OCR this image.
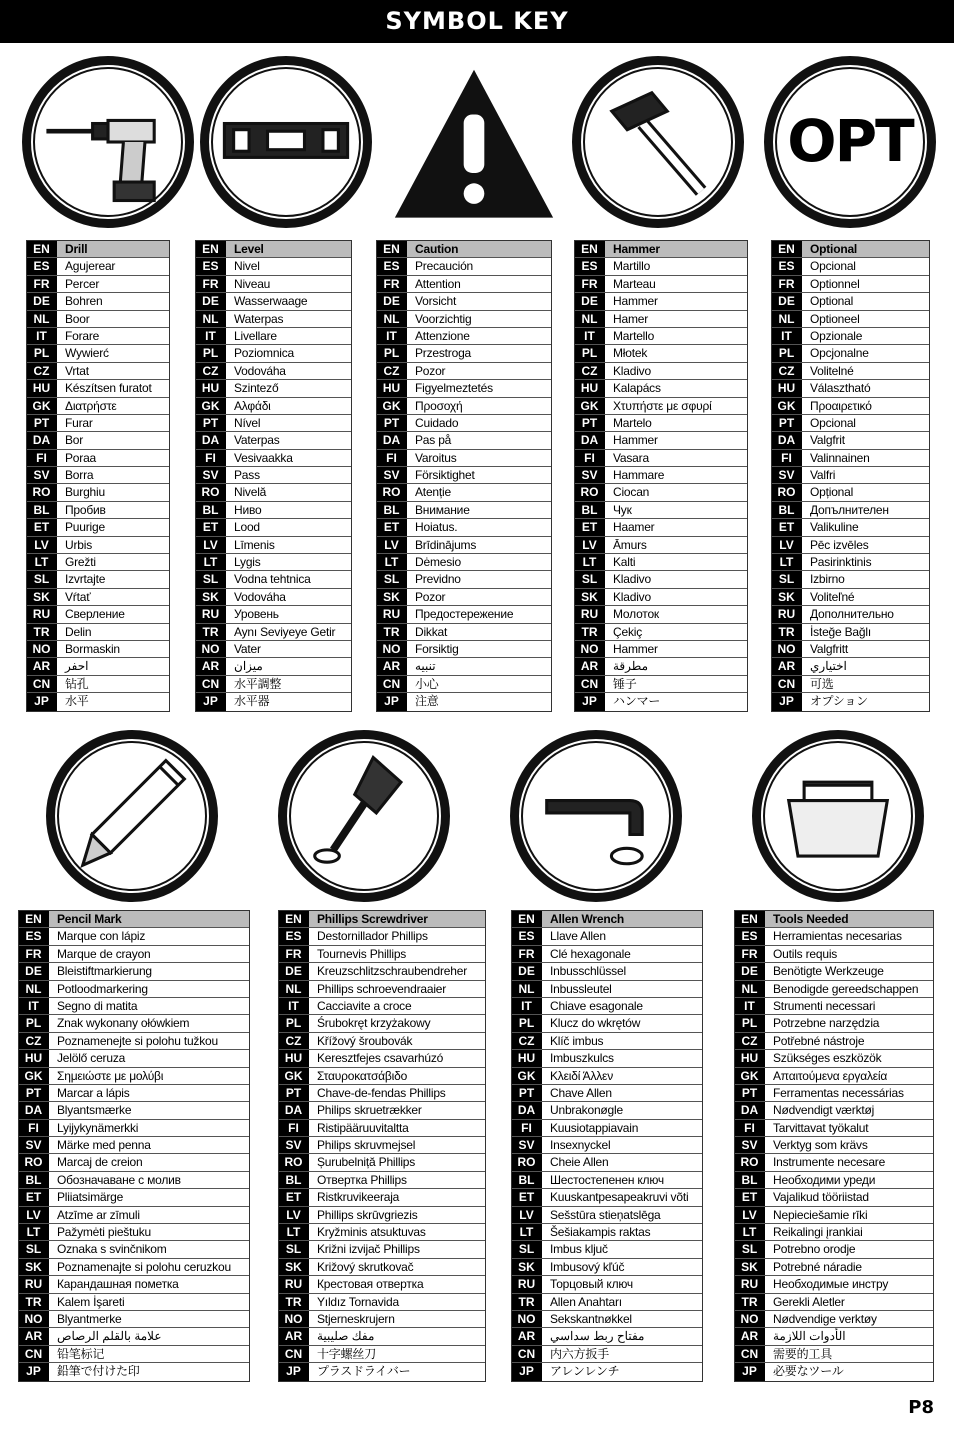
SYMBOL KEY
OPT
EN	Drill
ES	Agujerear
FR	Percer
DE	Bohren
NL	Boor
IT	Forare
PL	Wywierć
CZ	Vrtat
HU	Készítsen furatot
GK	Διατρήστε
PT	Furar
DA	Bor
FI	Poraa
SV	Borra
RO	Burghiu
BL	Пробив
ET	Puurige
LV	Urbis
LT	Grežti
SL	Izvrtajte
SK	Vŕtať
RU	Сверление
TR	Delin
NO	Bormaskin
AR	احفر
CN	钻孔
JP	水平
EN	Level
ES	Nivel
FR	Niveau
DE	Wasserwaage
NL	Waterpas
IT	Livellare
PL	Poziomnica
CZ	Vodováha
HU	Szintező
GK	Αλφάδι
PT	Nível
DA	Vaterpas
FI	Vesivaakka
SV	Pass
RO	Nivelă
BL	Ниво
ET	Lood
LV	Līmenis
LT	Lygis
SL	Vodna tehtnica
SK	Vodováha
RU	Уровень
TR	Aynı Seviyeye Getir
NO	Vater
AR	ميزان
CN	水平調整
JP	水平器
EN	Caution
ES	Precaución
FR	Attention
DE	Vorsicht
NL	Voorzichtig
IT	Attenzione
PL	Przestroga
CZ	Pozor
HU	Figyelmeztetés
GK	Προσοχή
PT	Cuidado
DA	Pas på
FI	Varoitus
SV	Försiktighet
RO	Atenție
BL	Внимание
ET	Hoiatus.
LV	Brīdinājums
LT	Dėmesio
SL	Previdno
SK	Pozor
RU	Предостережение
TR	Dikkat
NO	Forsiktig
AR	تنبيه
CN	小心
JP	注意
EN	Hammer
ES	Martillo
FR	Marteau
DE	Hammer
NL	Hamer
IT	Martello
PL	Młotek
CZ	Kladivo
HU	Kalapács
GK	Χτυπήστε με σφυρί
PT	Martelo
DA	Hammer
FI	Vasara
SV	Hammare
RO	Ciocan
BL	Чук
ET	Haamer
LV	Āmurs
LT	Kalti
SL	Kladivo
SK	Kladivo
RU	Молоток
TR	Çekiç
NO	Hammer
AR	مطرقة
CN	锤子
JP	ハンマー
EN	Optional
ES	Opcional
FR	Optionnel
DE	Optional
NL	Optioneel
IT	Opzionale
PL	Opcjonalne
CZ	Volitelné
HU	Választható
GK	Προαιρετικό
PT	Opcional
DA	Valgfrit
FI	Valinnainen
SV	Valfri
RO	Opțional
BL	Допълнителен
ET	Valikuline
LV	Pēc izvēles
LT	Pasirinktinis
SL	Izbirno
SK	Voliteľné
RU	Дополнительно
TR	İsteğe Bağlı
NO	Valgfritt
AR	اختياري
CN	可选
JP	オプション
EN	Pencil Mark
ES	Marque con lápiz
FR	Marque de crayon
DE	Bleistiftmarkierung
NL	Potloodmarkering
IT	Segno di matita
PL	Znak wykonany ołówkiem
CZ	Poznamenejte si polohu tužkou
HU	Jelölő ceruza
GK	Σημειώστε με μολύβι
PT	Marcar a lápis
DA	Blyantsmærke
FI	Lyijykynämerkki
SV	Märke med penna
RO	Marcaj de creion
BL	Обозначаване с молив
ET	Pliiatsimärge
LV	Atzīme ar zīmuli
LT	Pažymėti pieštuku
SL	Oznaka s svinčnikom
SK	Poznamenajte si polohu ceruzkou
RU	Карандашная пометка
TR	Kalem İşareti
NO	Blyantmerke
AR	علامة بالقلم الرصاص
CN	铅笔标记
JP	鉛筆で付けた印
EN	Phillips Screwdriver
ES	Destornillador Phillips
FR	Tournevis Phillips
DE	Kreuzschlitzschraubendreher
NL	Phillips schroevendraaier
IT	Cacciavite a croce
PL	Śrubokręt krzyżakowy
CZ	Křížový šroubovák
HU	Keresztfejes csavarhúzó
GK	Σταυροκατσάβιδο
PT	Chave-de-fendas Phillips
DA	Philips skruetrækker
FI	Ristipääruuvitaltta
SV	Philips skruvmejsel
RO	Șurubelniță Phillips
BL	Отвертка Phillips
ET	Ristkruvikeeraja
LV	Phillips skrūvgriezis
LT	Kryžminis atsuktuvas
SL	Križni izvijač Phillips
SK	Križový skrutkovač
RU	Крестовая отвертка
TR	Yıldız Tornavida
NO	Stjerneskrujern
AR	مفك صليبية
CN	十字螺丝刀
JP	プラスドライバー
EN	Allen Wrench
ES	Llave Allen
FR	Clé hexagonale
DE	Inbusschlüssel
NL	Inbussleutel
IT	Chiave esagonale
PL	Klucz do wkrętów
CZ	Klíč imbus
HU	Imbuszkulcs
GK	Κλειδί Άλλεν
PT	Chave Allen
DA	Unbrakonøgle
FI	Kuusiotappiavain
SV	Insexnyckel
RO	Cheie Allen
BL	Шестостепенен ключ
ET	Kuuskantpesapeakruvi võti
LV	Sešstūra stieņatslēga
LT	Šešiakampis raktas
SL	Imbus ključ
SK	Imbusový kľúč
RU	Торцовый ключ
TR	Allen Anahtarı
NO	Sekskantnøkkel
AR	مفتاح ربط سداسي
CN	内六方扳手
JP	アレンレンチ
EN	Tools Needed
ES	Herramientas necesarias
FR	Outils requis
DE	Benötigte Werkzeuge
NL	Benodigde gereedschappen
IT	Strumenti necessari
PL	Potrzebne narzędzia
CZ	Potřebné nástroje
HU	Szükséges eszközök
GK	Απαιτούμενα εργαλεία
PT	Ferramentas necessárias
DA	Nødvendigt værktøj
FI	Tarvittavat työkalut
SV	Verktyg som krävs
RO	Instrumente necesare
BL	Необходими уреди
ET	Vajalikud tööriistad
LV	Nepieciešamie rīki
LT	Reikalingi įrankiai
SL	Potrebno orodje
SK	Potrebné náradie
RU	Необходимые инстру
TR	Gerekli Aletler
NO	Nødvendige verktøy
AR	الأدوات اللازمة
CN	需要的工具
JP	必要なツール
P8
